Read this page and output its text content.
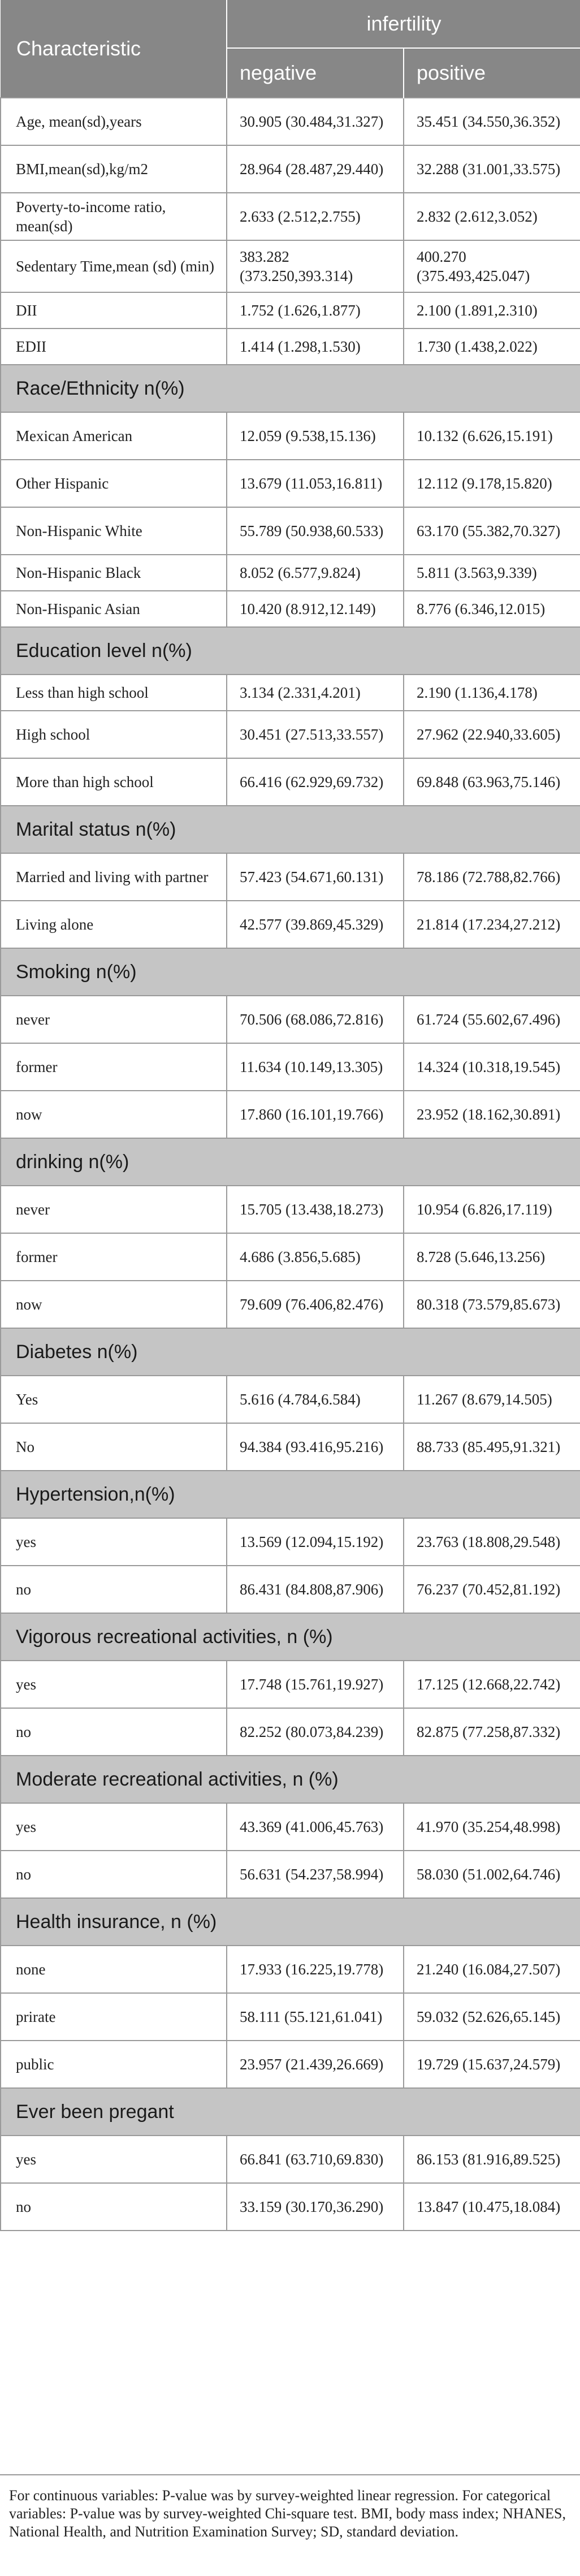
Characteristic	infertility	
	negative	positive
Age, mean(sd),years	30.905 (30.484,31.327)	35.451 (34.550,36.352)
BMI,mean(sd),kg/m2	28.964 (28.487,29.440)	32.288 (31.001,33.575)
Poverty-to-income ratio, mean(sd)	2.633 (2.512,2.755)	2.832 (2.612,3.052)
Sedentary Time,mean (sd) (min)	383.282 (373.250,393.314)	400.270 (375.493,425.047)
DII	1.752 (1.626,1.877)	2.100 (1.891,2.310)
EDII	1.414 (1.298,1.530)	1.730 (1.438,2.022)
Race/Ethnicity n(%)		
Mexican American	12.059 (9.538,15.136)	10.132 (6.626,15.191)
Other Hispanic	13.679 (11.053,16.811)	12.112 (9.178,15.820)
Non-Hispanic White	55.789 (50.938,60.533)	63.170 (55.382,70.327)
Non-Hispanic Black	8.052 (6.577,9.824)	5.811 (3.563,9.339)
Non-Hispanic Asian	10.420 (8.912,12.149)	8.776 (6.346,12.015)
Education level n(%)		
Less than high school	3.134 (2.331,4.201)	2.190 (1.136,4.178)
High school	30.451 (27.513,33.557)	27.962 (22.940,33.605)
More than high school	66.416 (62.929,69.732)	69.848 (63.963,75.146)
Marital status n(%)		
Married and living with partner	57.423 (54.671,60.131)	78.186 (72.788,82.766)
Living alone	42.577 (39.869,45.329)	21.814 (17.234,27.212)
Smoking n(%)		
never	70.506 (68.086,72.816)	61.724 (55.602,67.496)
former	11.634 (10.149,13.305)	14.324 (10.318,19.545)
now	17.860 (16.101,19.766)	23.952 (18.162,30.891)
drinking n(%)		
never	15.705 (13.438,18.273)	10.954 (6.826,17.119)
former	4.686 (3.856,5.685)	8.728 (5.646,13.256)
now	79.609 (76.406,82.476)	80.318 (73.579,85.673)
Diabetes n(%)		
Yes	5.616 (4.784,6.584)	11.267 (8.679,14.505)
No	94.384 (93.416,95.216)	88.733 (85.495,91.321)
Hypertension,n(%)		
yes	13.569 (12.094,15.192)	23.763 (18.808,29.548)
no	86.431 (84.808,87.906)	76.237 (70.452,81.192)
Vigorous recreational activities, n (%)		
yes	17.748 (15.761,19.927)	17.125 (12.668,22.742)
no	82.252 (80.073,84.239)	82.875 (77.258,87.332)
Moderate recreational activities, n (%)		
yes	43.369 (41.006,45.763)	41.970 (35.254,48.998)
no	56.631 (54.237,58.994)	58.030 (51.002,64.746)
Health insurance, n (%)		
none	17.933 (16.225,19.778)	21.240 (16.084,27.507)
prirate	58.111 (55.121,61.041)	59.032 (52.626,65.145)
public	23.957 (21.439,26.669)	19.729 (15.637,24.579)
Ever been pregant		
yes	66.841 (63.710,69.830)	86.153 (81.916,89.525)
no	33.159 (30.170,36.290)	13.847 (10.475,18.084)
For continuous variables: P-value was by survey-weighted linear regression. For categorical variables: P-value was by survey-weighted Chi-square test. BMI, body mass index; NHANES, National Health, and Nutrition Examination Survey; SD, standard deviation.
